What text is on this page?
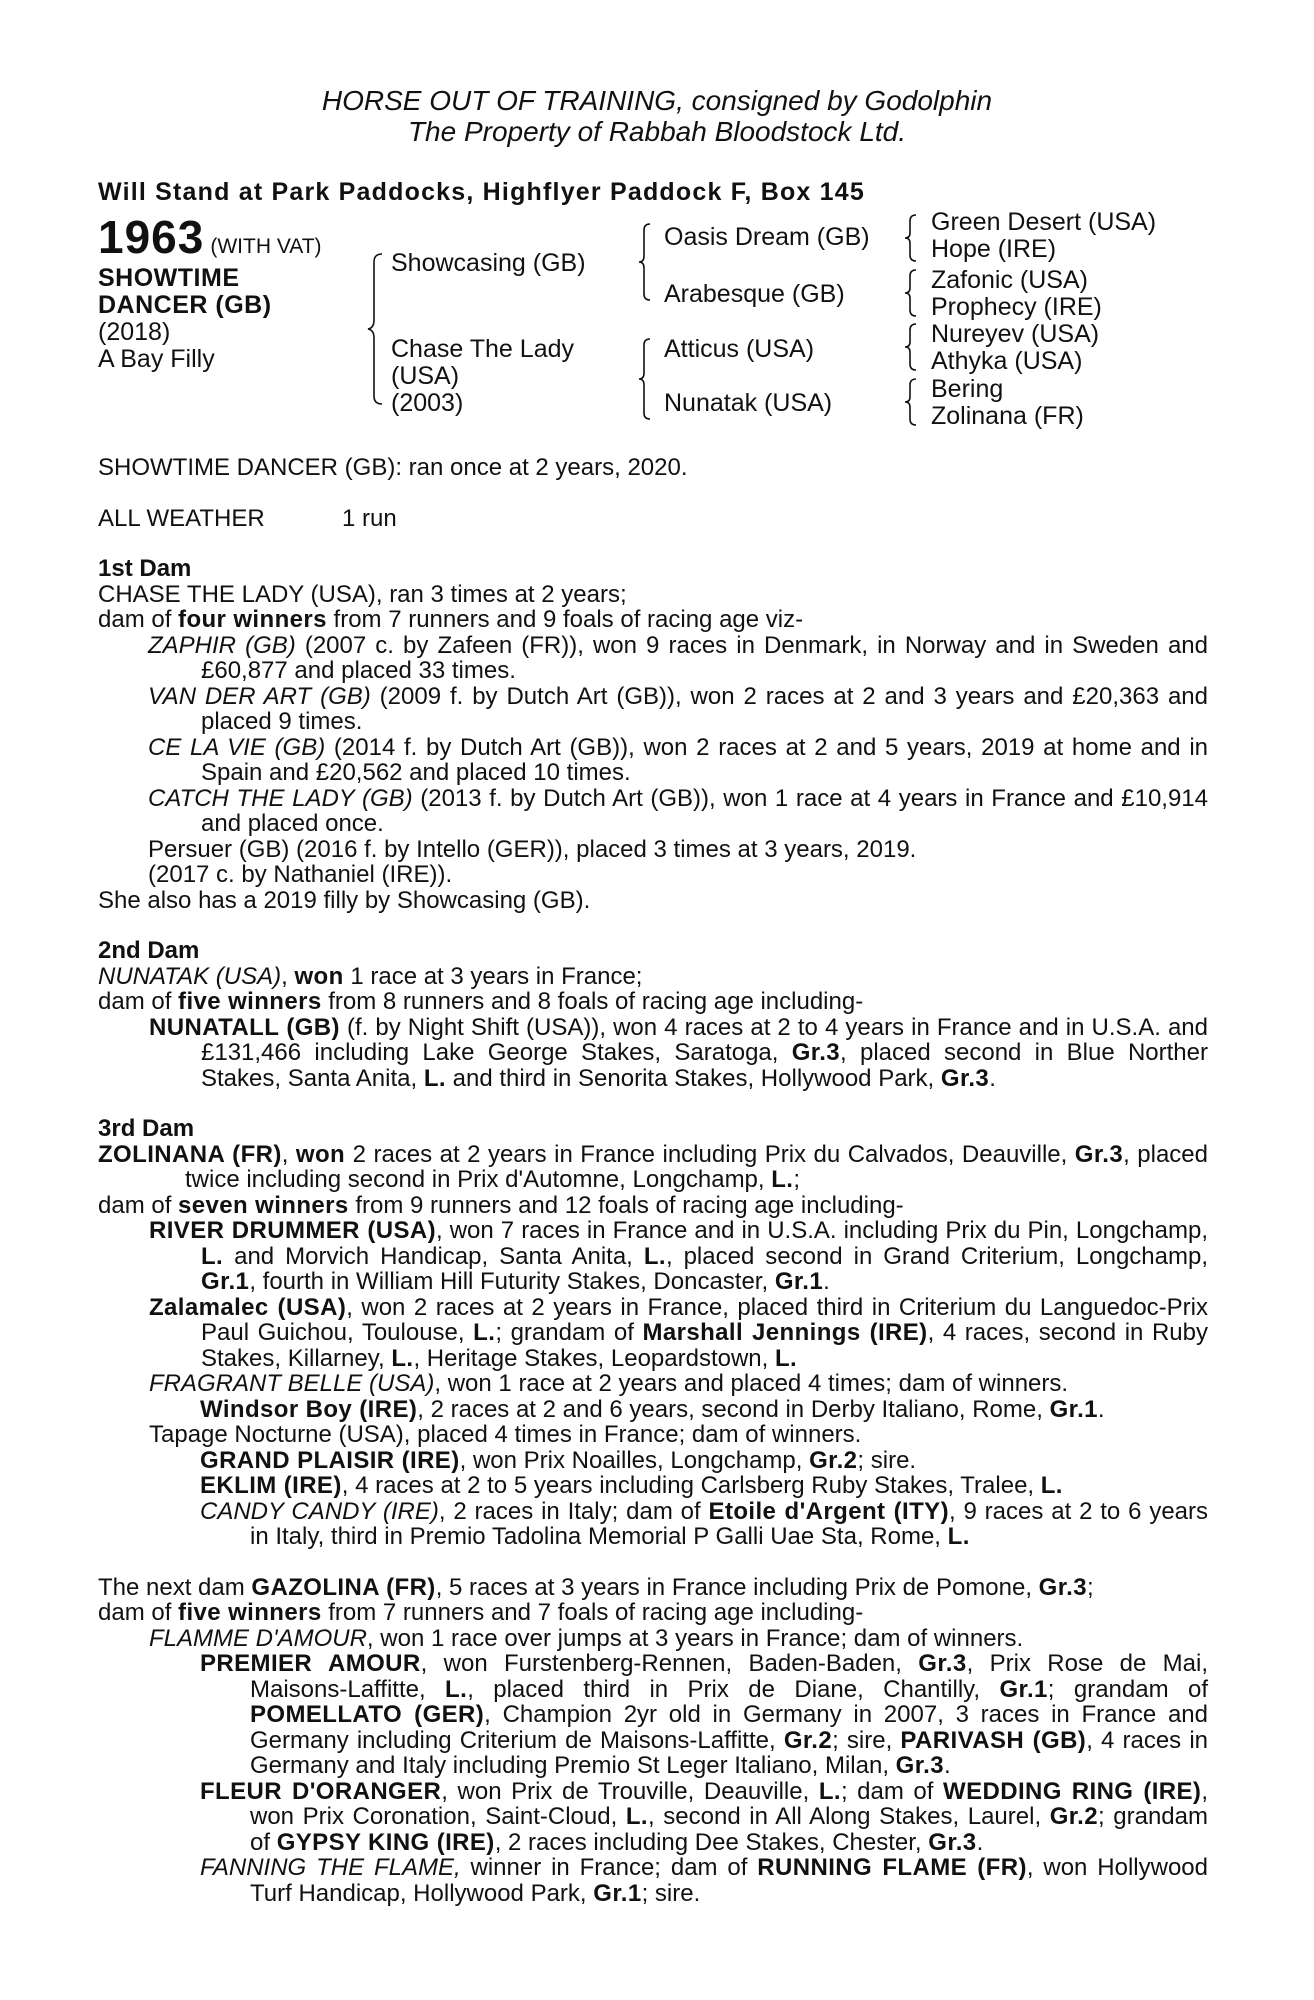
HORSE OUT OF TRAINING, consigned by Godolphin
The Property of Rabbah Bloodstock Ltd.
Will Stand at Park Paddocks, Highflyer Paddock F, Box 145
1963 (WITH VAT)
SHOWTIME
DANCER (GB)
(2018)
A Bay Filly
Showcasing (GB)
Chase The Lady
(USA)
(2003)
Oasis Dream (GB)
Arabesque (GB)
Atticus (USA)
Nunatak (USA)
Green Desert (USA)
Hope (IRE)
Zafonic (USA)
Prophecy (IRE)
Nureyev (USA)
Athyka (USA)
Bering
Zolinana (FR)

SHOWTIME DANCER (GB): ran once at 2 years, 2020.

ALL WEATHER	1 run

1st Dam

CHASE THE LADY (USA), ran 3 times at 2 years;

dam of four winners from 7 runners and 9 foals of racing age viz-

ZAPHIR (GB) (2007 c. by Zafeen (FR)), won 9 races in Denmark, in Norway and in Sweden and £60,877 and placed 33 times.

VAN DER ART (GB) (2009 f. by Dutch Art (GB)), won 2 races at 2 and 3 years and £20,363 and placed 9 times.

CE LA VIE (GB) (2014 f. by Dutch Art (GB)), won 2 races at 2 and 5 years, 2019 at home and in Spain and £20,562 and placed 10 times.

CATCH THE LADY (GB) (2013 f. by Dutch Art (GB)), won 1 race at 4 years in France and £10,914 and placed once.

Persuer (GB) (2016 f. by Intello (GER)), placed 3 times at 3 years, 2019.

(2017 c. by Nathaniel (IRE)).

She also has a 2019 filly by Showcasing (GB).

2nd Dam

NUNATAK (USA), won 1 race at 3 years in France;

dam of five winners from 8 runners and 8 foals of racing age including-

NUNATALL (GB) (f. by Night Shift (USA)), won 4 races at 2 to 4 years in France and in U.S.A. and £131,466 including Lake George Stakes, Saratoga, Gr.3, placed second in Blue Norther Stakes, Santa Anita, L. and third in Senorita Stakes, Hollywood Park, Gr.3.

3rd Dam

ZOLINANA (FR), won 2 races at 2 years in France including Prix du Calvados, Deauville, Gr.3, placed twice including second in Prix d'Automne, Longchamp, L.;

dam of seven winners from 9 runners and 12 foals of racing age including-

RIVER DRUMMER (USA), won 7 races in France and in U.S.A. including Prix du Pin, Longchamp, L. and Morvich Handicap, Santa Anita, L., placed second in Grand Criterium, Longchamp, Gr.1, fourth in William Hill Futurity Stakes, Doncaster, Gr.1.

Zalamalec (USA), won 2 races at 2 years in France, placed third in Criterium du Languedoc-Prix Paul Guichou, Toulouse, L.; grandam of Marshall Jennings (IRE), 4 races, second in Ruby Stakes, Killarney, L., Heritage Stakes, Leopardstown, L.

FRAGRANT BELLE (USA), won 1 race at 2 years and placed 4 times; dam of winners.

Windsor Boy (IRE), 2 races at 2 and 6 years, second in Derby Italiano, Rome, Gr.1.

Tapage Nocturne (USA), placed 4 times in France; dam of winners.

GRAND PLAISIR (IRE), won Prix Noailles, Longchamp, Gr.2; sire.

EKLIM (IRE), 4 races at 2 to 5 years including Carlsberg Ruby Stakes, Tralee, L.

CANDY CANDY (IRE), 2 races in Italy; dam of Etoile d'Argent (ITY), 9 races at 2 to 6 years in Italy, third in Premio Tadolina Memorial P Galli Uae Sta, Rome, L.

The next dam GAZOLINA (FR), 5 races at 3 years in France including Prix de Pomone, Gr.3;

dam of five winners from 7 runners and 7 foals of racing age including-

FLAMME D'AMOUR, won 1 race over jumps at 3 years in France; dam of winners.

PREMIER AMOUR, won Furstenberg-Rennen, Baden-Baden, Gr.3, Prix Rose de Mai, Maisons-Laffitte, L., placed third in Prix de Diane, Chantilly, Gr.1; grandam of POMELLATO (GER), Champion 2yr old in Germany in 2007, 3 races in France and Germany including Criterium de Maisons-Laffitte, Gr.2; sire, PARIVASH (GB), 4 races in Germany and Italy including Premio St Leger Italiano, Milan, Gr.3.

FLEUR D'ORANGER, won Prix de Trouville, Deauville, L.; dam of WEDDING RING (IRE), won Prix Coronation, Saint-Cloud, L., second in All Along Stakes, Laurel, Gr.2; grandam of GYPSY KING (IRE), 2 races including Dee Stakes, Chester, Gr.3.

FANNING THE FLAME, winner in France; dam of RUNNING FLAME (FR), won Hollywood Turf Handicap, Hollywood Park, Gr.1; sire.
